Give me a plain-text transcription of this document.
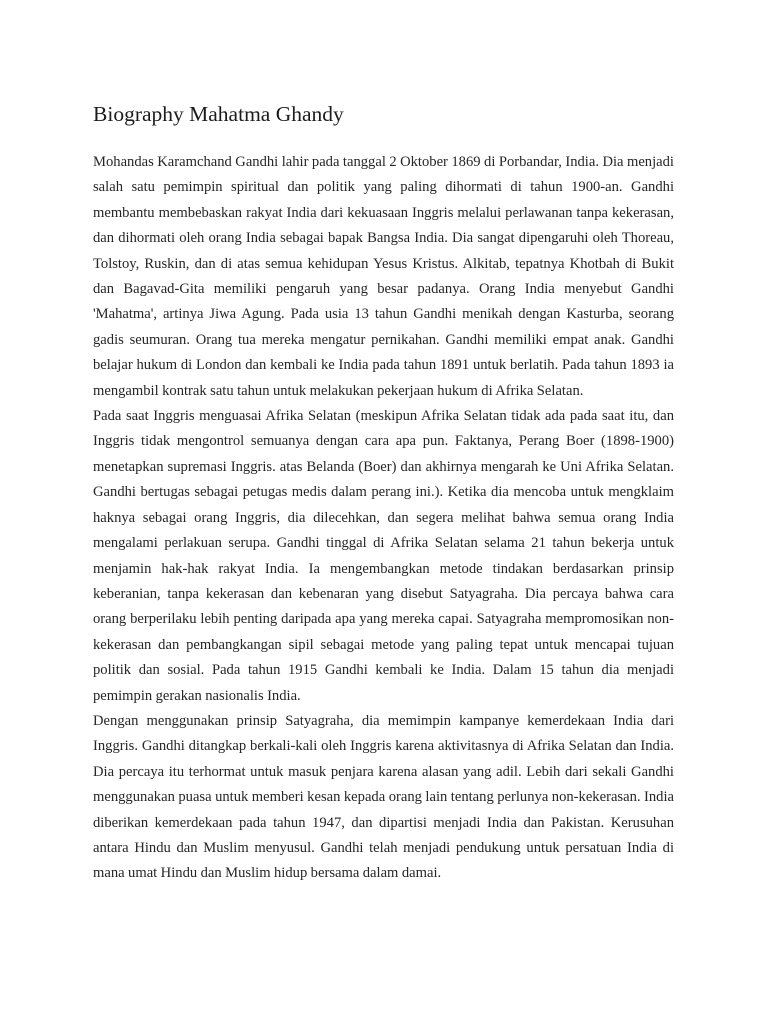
Biography Mahatma Ghandy

Mohandas Karamchand Gandhi lahir pada tanggal 2 Oktober 1869 di Porbandar, India. Dia menjadi salah satu pemimpin spiritual dan politik yang paling dihormati di tahun 1900-an. Gandhi membantu membebaskan rakyat India dari kekuasaan Inggris melalui perlawanan tanpa kekerasan, dan dihormati oleh orang India sebagai bapak Bangsa India. Dia sangat dipengaruhi oleh Thoreau, Tolstoy, Ruskin, dan di atas semua kehidupan Yesus Kristus. Alkitab, tepatnya Khotbah di Bukit dan Bagavad-Gita memiliki pengaruh yang besar padanya. Orang India menyebut Gandhi 'Mahatma', artinya Jiwa Agung. Pada usia 13 tahun Gandhi menikah dengan Kasturba, seorang gadis seumuran. Orang tua mereka mengatur pernikahan. Gandhi memiliki empat anak. Gandhi belajar hukum di London dan kembali ke India pada tahun 1891 untuk berlatih. Pada tahun 1893 ia mengambil kontrak satu tahun untuk melakukan pekerjaan hukum di Afrika Selatan.

Pada saat Inggris menguasai Afrika Selatan (meskipun Afrika Selatan tidak ada pada saat itu, dan Inggris tidak mengontrol semuanya dengan cara apa pun. Faktanya, Perang Boer (1898-1900) menetapkan supremasi Inggris. atas Belanda (Boer) dan akhirnya mengarah ke Uni Afrika Selatan. Gandhi bertugas sebagai petugas medis dalam perang ini.). Ketika dia mencoba untuk mengklaim haknya sebagai orang Inggris, dia dilecehkan, dan segera melihat bahwa semua orang India mengalami perlakuan serupa. Gandhi tinggal di Afrika Selatan selama 21 tahun bekerja untuk menjamin hak-hak rakyat India. Ia mengembangkan metode tindakan berdasarkan prinsip keberanian, tanpa kekerasan dan kebenaran yang disebut Satyagraha. Dia percaya bahwa cara orang berperilaku lebih penting daripada apa yang mereka capai. Satyagraha mempromosikan non-kekerasan dan pembangkangan sipil sebagai metode yang paling tepat untuk mencapai tujuan politik dan sosial. Pada tahun 1915 Gandhi kembali ke India. Dalam 15 tahun dia menjadi pemimpin gerakan nasionalis India.

Dengan menggunakan prinsip Satyagraha, dia memimpin kampanye kemerdekaan India dari Inggris. Gandhi ditangkap berkali-kali oleh Inggris karena aktivitasnya di Afrika Selatan dan India. Dia percaya itu terhormat untuk masuk penjara karena alasan yang adil. Lebih dari sekali Gandhi menggunakan puasa untuk memberi kesan kepada orang lain tentang perlunya non-kekerasan. India diberikan kemerdekaan pada tahun 1947, dan dipartisi menjadi India dan Pakistan. Kerusuhan antara Hindu dan Muslim menyusul. Gandhi telah menjadi pendukung untuk persatuan India di mana umat Hindu dan Muslim hidup bersama dalam damai.
